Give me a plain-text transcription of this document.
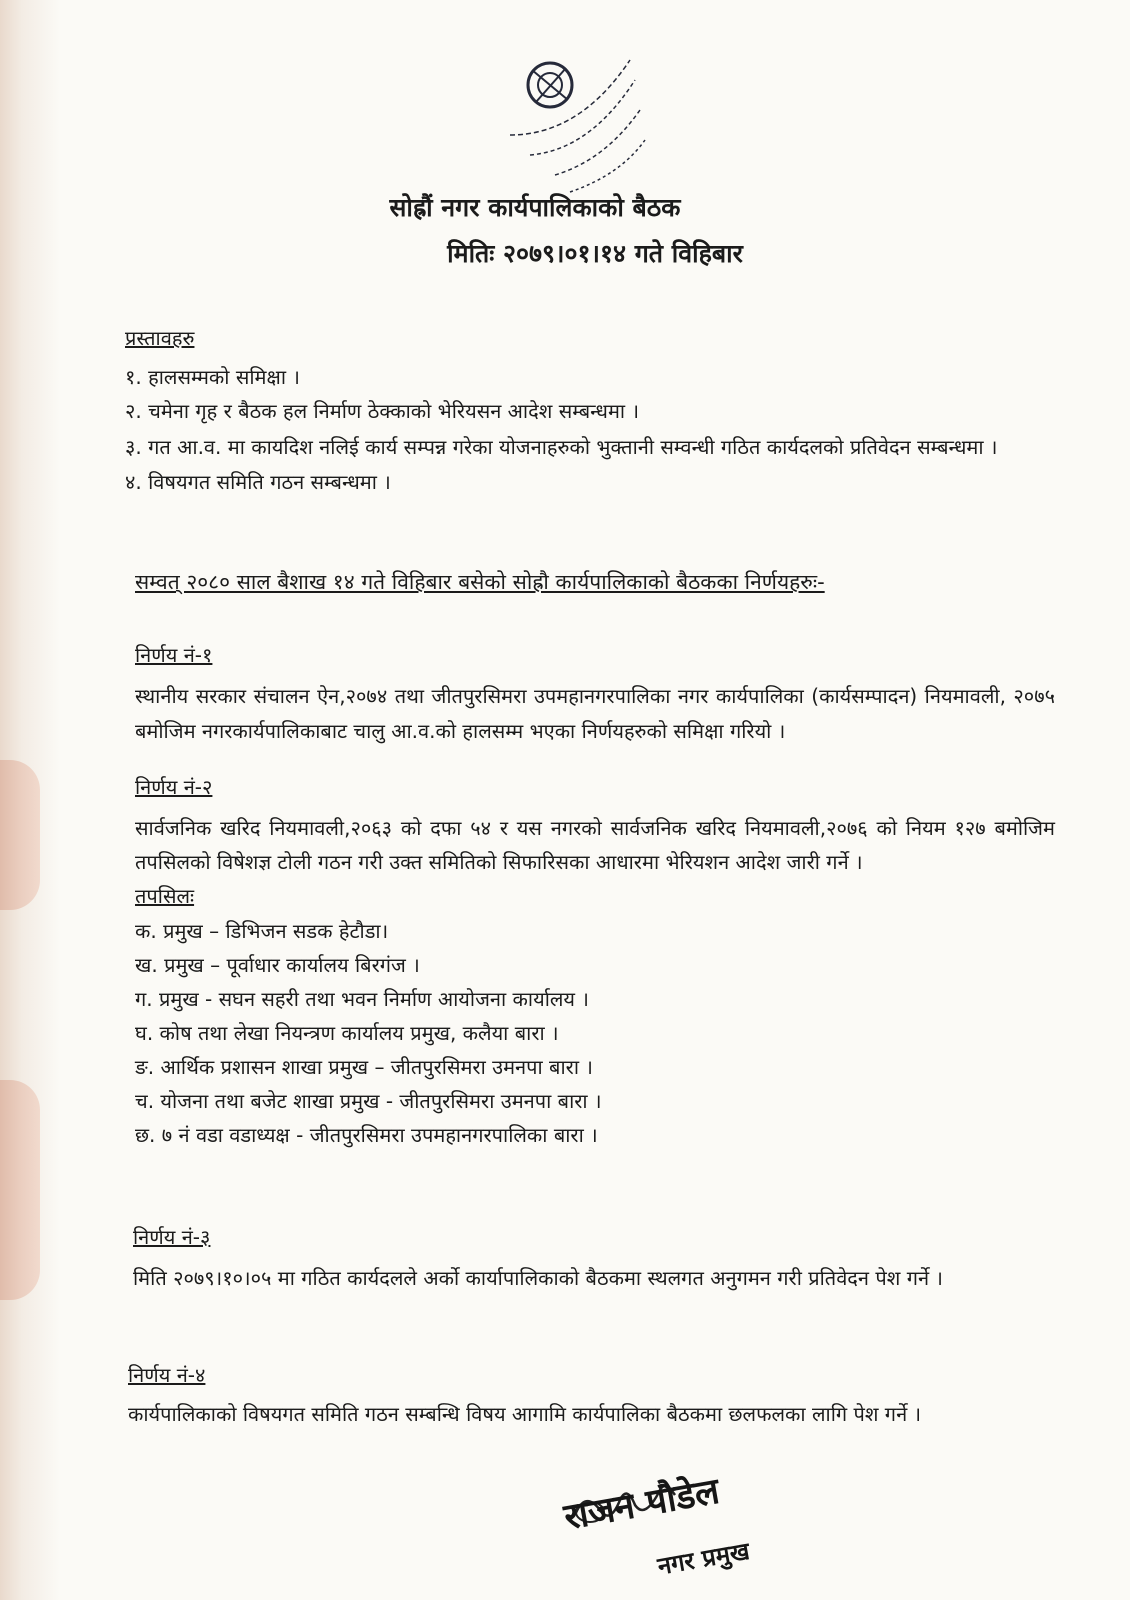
सोह्रौं नगर कार्यपालिकाको बैठक
मितिः २०७९।०१।१४ गते विहिबार
प्रस्तावहरु
१. हालसम्मको समिक्षा ।
२. चमेना गृह र बैठक हल निर्माण ठेक्काको भेरियसन आदेश सम्बन्धमा ।
३. गत आ.व. मा कायदिश नलिई कार्य सम्पन्न गरेका योजनाहरुको भुक्तानी सम्वन्धी गठित कार्यदलको प्रतिवेदन सम्बन्धमा ।
४. विषयगत समिति गठन सम्बन्धमा ।
सम्वत् २०८० साल बैशाख १४ गते विहिबार बसेको सोह्रौ कार्यपालिकाको बैठकका निर्णयहरुः-
निर्णय नं-१
स्थानीय सरकार संचालन ऐन,२०७४ तथा जीतपुरसिमरा उपमहानगरपालिका नगर कार्यपालिका (कार्यसम्पादन) नियमावली, २०७५ बमोजिम नगरकार्यपालिकाबाट चालु आ.व.को हालसम्म भएका निर्णयहरुको समिक्षा गरियो ।
निर्णय नं-२
सार्वजनिक खरिद नियमावली,२०६३ को दफा ५४ र यस नगरको सार्वजनिक खरिद नियमावली,२०७६ को नियम १२७ बमोजिम तपसिलको विषेशज्ञ टोली गठन गरी उक्त समितिको सिफारिसका आधारमा भेरियशन आदेश जारी गर्ने ।
तपसिलः
क. प्रमुख – डिभिजन सडक हेटौडा।
ख. प्रमुख – पूर्वाधार कार्यालय बिरगंज ।
ग. प्रमुख - सघन सहरी तथा भवन निर्माण आयोजना कार्यालय ।
घ. कोष तथा लेखा नियन्त्रण कार्यालय प्रमुख, कलैया बारा ।
ङ. आर्थिक प्रशासन शाखा प्रमुख – जीतपुरसिमरा उमनपा बारा ।
च. योजना तथा बजेट शाखा प्रमुख - जीतपुरसिमरा उमनपा बारा ।
छ. ७ नं वडा वडाध्यक्ष - जीतपुरसिमरा उपमहानगरपालिका बारा ।
निर्णय नं-३
मिति २०७९।१०।०५ मा गठित कार्यदलले अर्को कार्यापालिकाको बैठकमा स्थलगत अनुगमन गरी प्रतिवेदन पेश गर्ने ।
निर्णय नं-४
कार्यपालिकाको विषयगत समिति गठन सम्बन्धि विषय आगामि कार्यपालिका बैठकमा छलफलका लागि पेश गर्ने ।
राजन पौडेल
नगर प्रमुख
